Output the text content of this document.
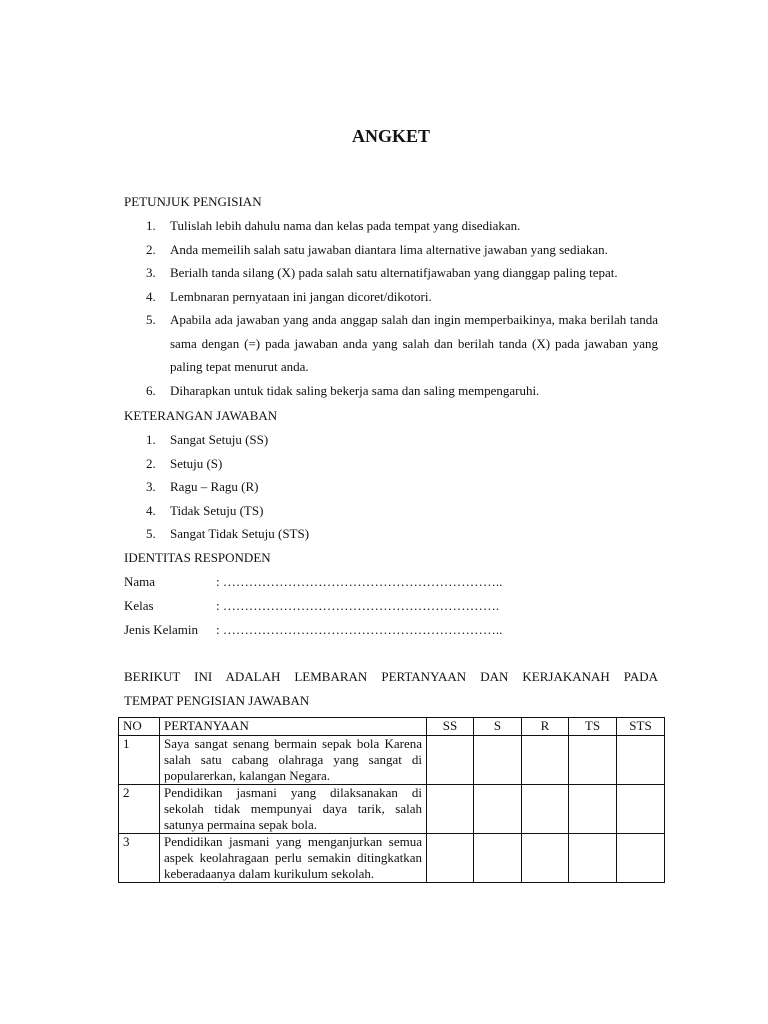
ANGKET
PETUNJUK PENGISIAN
1. Tulislah lebih dahulu nama dan kelas pada tempat yang disediakan.
2. Anda memeilih salah satu jawaban diantara lima alternative jawaban yang sediakan.
3. Berialh tanda silang (X) pada salah satu alternatifjawaban yang dianggap paling tepat.
4. Lembnaran pernyataan ini jangan dicoret/dikotori.
5. Apabila ada jawaban yang anda anggap salah dan ingin memperbaikinya, maka berilah tanda sama dengan (=) pada jawaban anda yang salah dan berilah tanda (X) pada jawaban yang paling tepat menurut anda.
6. Diharapkan untuk tidak saling bekerja sama dan saling mempengaruhi.
KETERANGAN JAWABAN
1. Sangat Setuju (SS)
2. Setuju (S)
3. Ragu – Ragu (R)
4. Tidak Setuju (TS)
5. Sangat Tidak Setuju (STS)
IDENTITAS RESPONDEN
Nama	: ………………………………………………………..
Kelas	: ……………………………………………………….
Jenis Kelamin : ………………………………………………………..
BERIKUT INI ADALAH LEMBARAN PERTANYAAN DAN KERJAKANAH PADA
TEMPAT PENGISIAN JAWABAN
NO	PERTANYAAN	SS	S	R	TS	STS
1	Saya sangat senang bermain sepak bola Karena salah satu cabang olahraga yang sangat di popularerkan, kalangan Negara.					
2	Pendidikan jasmani yang dilaksanakan di sekolah tidak mempunyai daya tarik, salah satunya permaina sepak bola.					
3	Pendidikan jasmani yang menganjurkan semua aspek keolahragaan perlu semakin ditingkatkan keberadaanya dalam kurikulum sekolah.					
